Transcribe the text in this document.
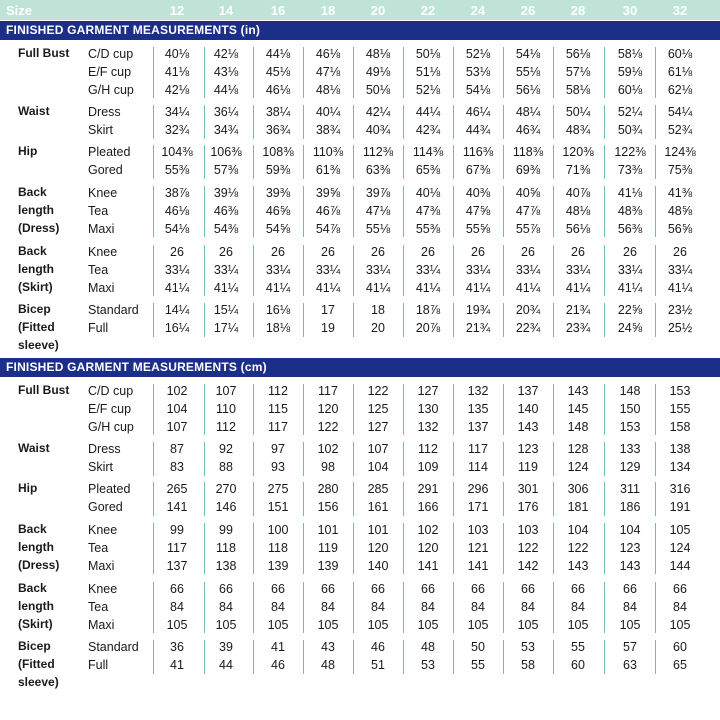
Size	12	14	16	18	20	22	24	26	28	30	32
FINISHED GARMENT MEASUREMENTS (in)
Full Bust C/D cup	40⅛	42⅛	44⅛	46⅛	48⅛	50⅛	52⅛	54⅛	56⅛	58⅛	60⅛
E/F cup	41⅛	43⅛	45⅛	47⅛	49⅛	51⅛	53⅛	55⅛	57⅛	59⅛	61⅛
G/H cup	42⅛	44⅛	46⅛	48⅛	50⅛	52⅛	54⅛	56⅛	58⅛	60⅛	62⅛
Waist	Dress	34¼	36¼	38¼	40¼	42¼	44¼	46¼	48¼	50¼	52¼	54¼
Skirt	32¾	34¾	36¾	38¾	40¾	42¾	44¾	46¾	48¾	50¾	52¾
Hip	Pleated	104⅜	106⅜	108⅜	110⅜	112⅜	114⅜	116⅜	118⅜	120⅜	122⅜	124⅜
Gored	55⅜	57⅜	59⅜	61⅜	63⅜	65⅜	67⅜	69⅜	71⅜	73⅜	75⅜
Back
length
(Dress)
Knee	38⅞	39⅛	39⅜	39⅝	39⅞	40⅛	40⅜	40⅝	40⅞	41⅛	41⅜
Tea	46⅛	46⅜	46⅝	46⅞	47⅛	47⅜	47⅝	47⅞	48⅛	48⅜	48⅝
Maxi	54⅛	54⅜	54⅝	54⅞	55⅛	55⅜	55⅝	55⅞	56⅛	56⅜	56⅝
Back
length
(Skirt)
Knee	26	26	26	26	26	26	26	26	26	26	26
Tea	33¼	33¼	33¼	33¼	33¼	33¼	33¼	33¼	33¼	33¼	33¼
Maxi	41¼	41¼	41¼	41¼	41¼	41¼	41¼	41¼	41¼	41¼	41¼
Bicep
(Fitted
sleeve)
Standard	14¼	15¼	16⅛	17	18	18⅞	19¾	20¾	21¾	22⅝	23½
Full	16¼	17¼	18⅛	19	20	20⅞	21¾	22¾	23¾	24⅝	25½
FINISHED GARMENT MEASUREMENTS (cm)
Full Bust C/D cup	102	107	112	117	122	127	132	137	143	148	153
E/F cup	104	110	115	120	125	130	135	140	145	150	155
G/H cup	107	112	117	122	127	132	137	143	148	153	158
Waist	Dress	87	92	97	102	107	112	117	123	128	133	138
Skirt	83	88	93	98	104	109	114	119	124	129	134
Hip	Pleated	265	270	275	280	285	291	296	301	306	311	316
Gored	141	146	151	156	161	166	171	176	181	186	191
Back
length
(Dress)
Knee	99	99	100	101	101	102	103	103	104	104	105
Tea	117	118	118	119	120	120	121	122	122	123	124
Maxi	137	138	139	139	140	141	141	142	143	143	144
Back
length
(Skirt)
Knee	66	66	66	66	66	66	66	66	66	66	66
Tea	84	84	84	84	84	84	84	84	84	84	84
Maxi	105	105	105	105	105	105	105	105	105	105	105
Bicep
(Fitted
sleeve)
Standard	36	39	41	43	46	48	50	53	55	57	60
Full	41	44	46	48	51	53	55	58	60	63	65
